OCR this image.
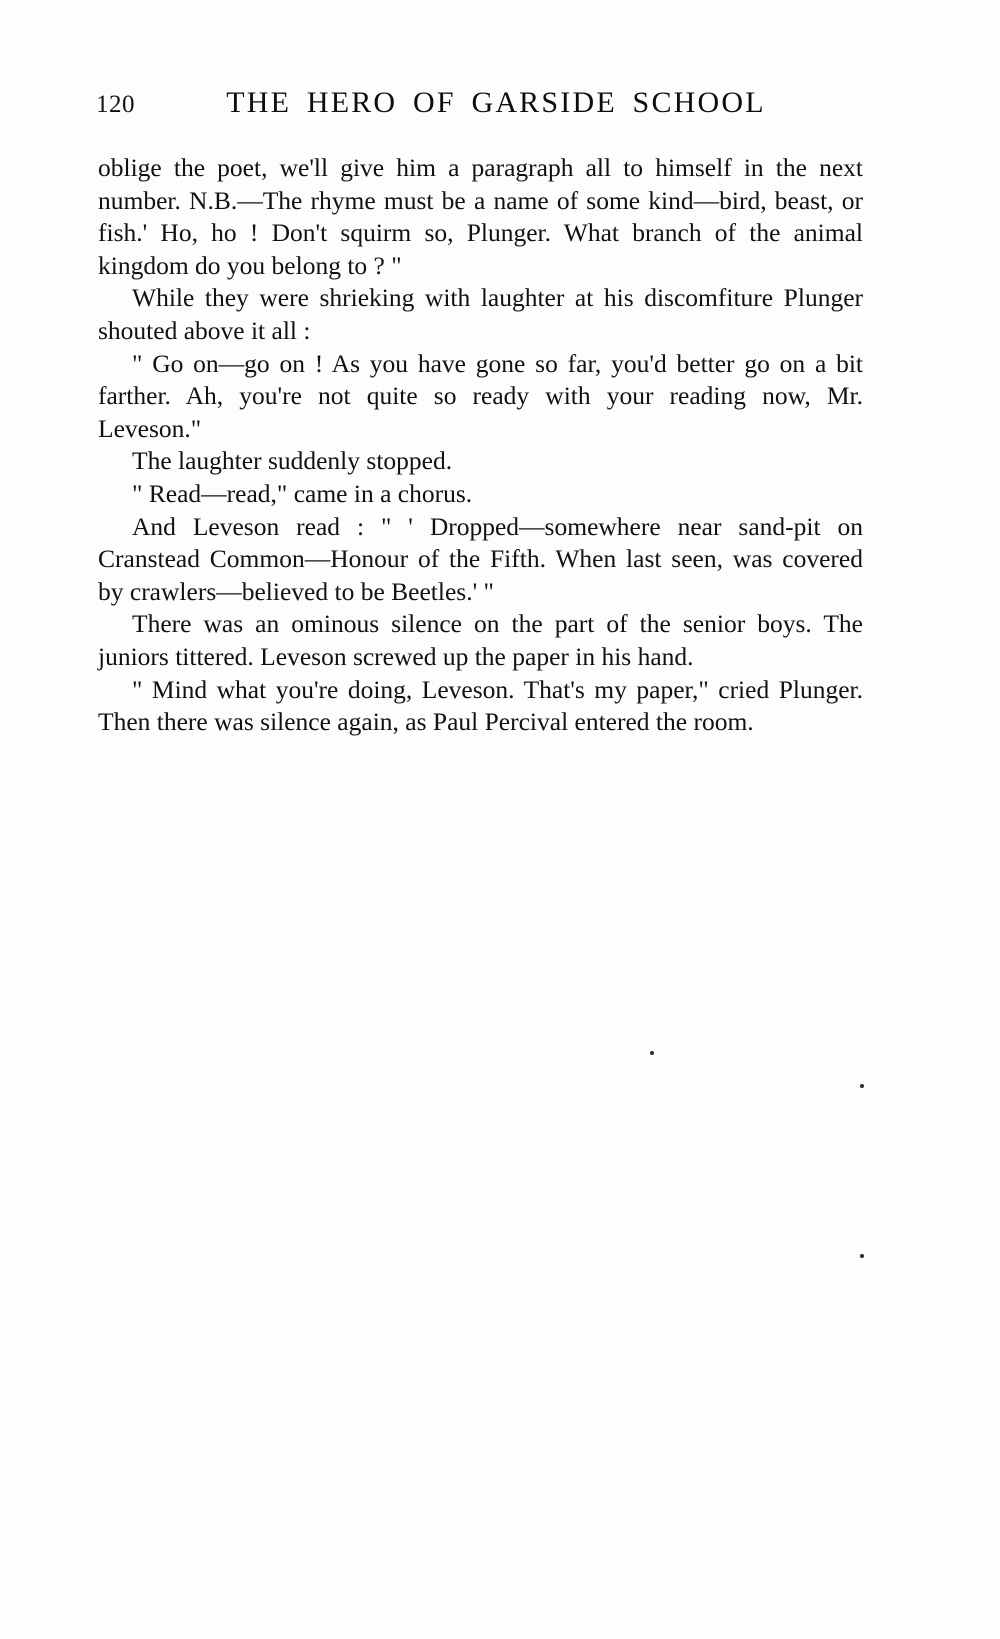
120	THE HERO OF GARSIDE SCHOOL

oblige the poet, we'll give him a paragraph all to himself in the next number. N.B.—The rhyme must be a name of some kind—bird, beast, or fish.' Ho, ho ! Don't squirm so, Plunger. What branch of the animal kingdom do you belong to ? "

While they were shrieking with laughter at his discomfiture Plunger shouted above it all :

" Go on—go on ! As you have gone so far, you'd better go on a bit farther. Ah, you're not quite so ready with your reading now, Mr. Leveson."

The laughter suddenly stopped.

" Read—read," came in a chorus.

And Leveson read : " ' Dropped—somewhere near sand-pit on Cranstead Common—Honour of the Fifth. When last seen, was covered by crawlers—believed to be Beetles.' "

There was an ominous silence on the part of the senior boys. The juniors tittered. Leveson screwed up the paper in his hand.

" Mind what you're doing, Leveson. That's my paper," cried Plunger. Then there was silence again, as Paul Percival entered the room.
